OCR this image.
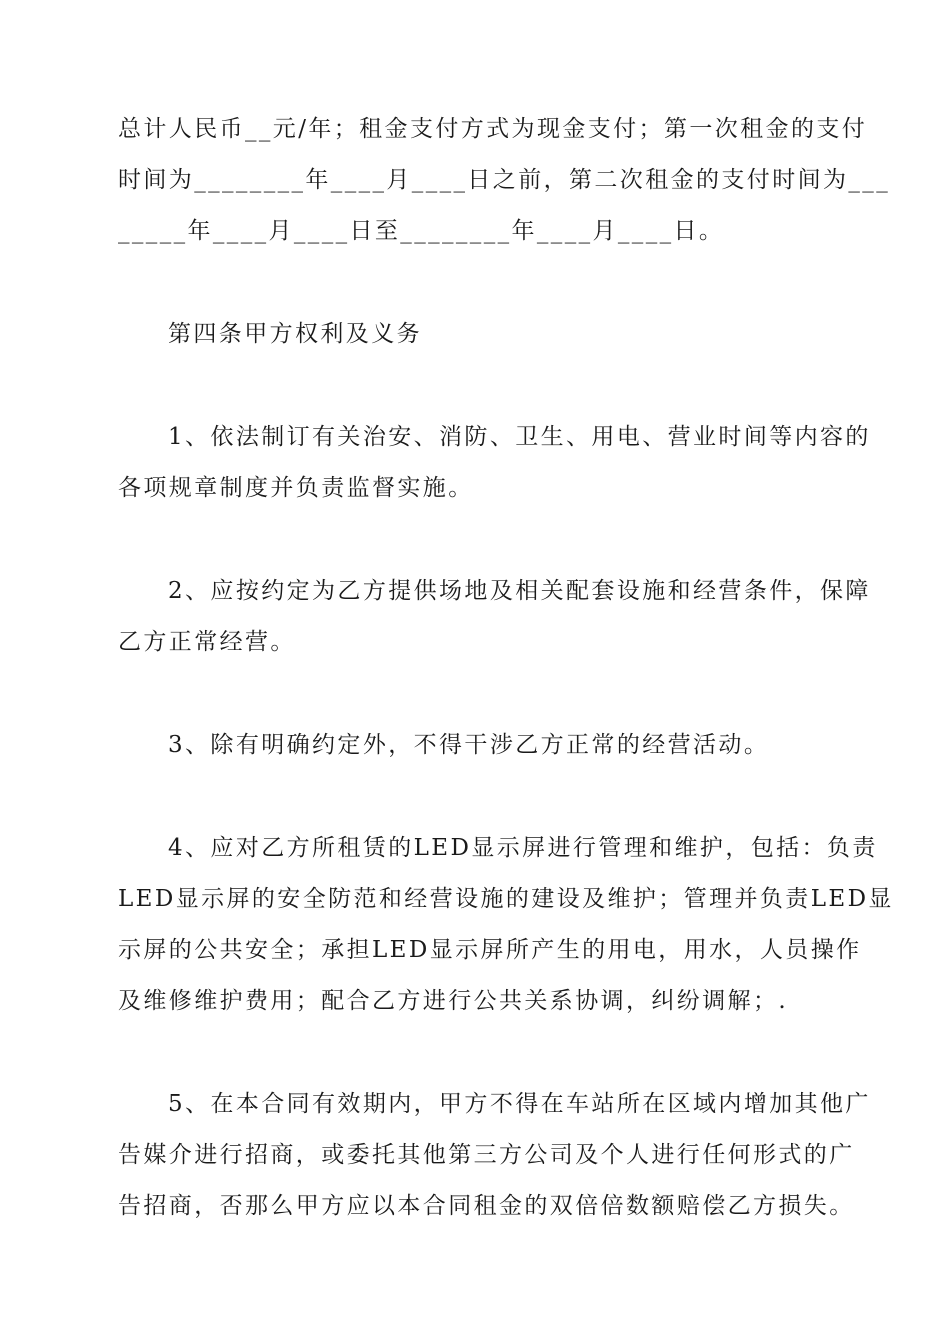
总计人民币__元/年；租金支付方式为现金支付；第一次租金的支付
时间为________年____月____日之前，第二次租金的支付时间为___
_____年____月____日至________年____月____日。
第四条甲方权利及义务
1、依法制订有关治安、消防、卫生、用电、营业时间等内容的
各项规章制度并负责监督实施。
2、应按约定为乙方提供场地及相关配套设施和经营条件，保障
乙方正常经营。
3、除有明确约定外，不得干涉乙方正常的经营活动。
4、应对乙方所租赁的LED显示屏进行管理和维护，包括：负责
LED显示屏的安全防范和经营设施的建设及维护；管理并负责LED显
示屏的公共安全；承担LED显示屏所产生的用电，用水，人员操作
及维修维护费用；配合乙方进行公共关系协调，纠纷调解；.
5、在本合同有效期内，甲方不得在车站所在区域内增加其他广
告媒介进行招商，或委托其他第三方公司及个人进行任何形式的广
告招商，否那么甲方应以本合同租金的双倍倍数额赔偿乙方损失。
